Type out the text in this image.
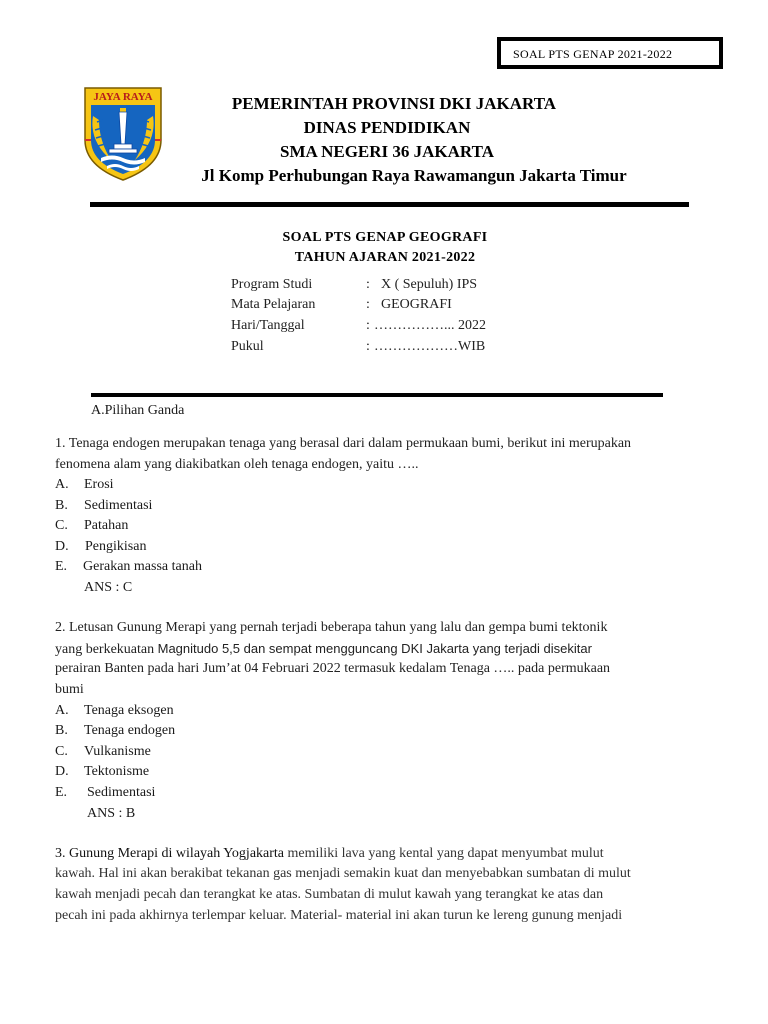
SOAL PTS GENAP 2021-2022
JAYA RAYA	PEMERINTAH PROVINSI DKI JAKARTA
DINAS PENDIDIKAN
SMA NEGERI 36 JAKARTA
Jl Komp Perhubungan Raya Rawamangun Jakarta Timur
SOAL PTS GENAP GEOGRAFI
TAHUN AJARAN 2021-2022
Program Studi	: X ( Sepuluh) IPS
Mata Pelajaran	: GEOGRAFI
Hari/Tanggal	: ……………... 2022
Pukul	: ………………WIB
A.Pilihan Ganda
1. Tenaga endogen merupakan tenaga yang berasal dari dalam permukaan bumi, berikut ini merupakan
fenomena alam yang diakibatkan oleh tenaga endogen, yaitu …..
A. Erosi
B. Sedimentasi
C. Patahan
D. Pengikisan
E. Gerakan massa tanah
ANS : C
2. Letusan Gunung Merapi yang pernah terjadi beberapa tahun yang lalu dan gempa bumi tektonik
yang berkekuatan Magnitudo 5,5 dan sempat mengguncang DKI Jakarta yang terjadi disekitar
perairan Banten pada hari Jum’at 04 Februari 2022 termasuk kedalam Tenaga ….. pada permukaan
bumi
A. Tenaga eksogen
B. Tenaga endogen
C. Vulkanisme
D. Tektonisme
E. Sedimentasi
ANS : B
3. Gunung Merapi di wilayah Yogjakarta memiliki lava yang kental yang dapat menyumbat mulut
kawah. Hal ini akan berakibat tekanan gas menjadi semakin kuat dan menyebabkan sumbatan di mulut
kawah menjadi pecah dan terangkat ke atas. Sumbatan di mulut kawah yang terangkat ke atas dan
pecah ini pada akhirnya terlempar keluar. Material- material ini akan turun ke lereng gunung menjadi
